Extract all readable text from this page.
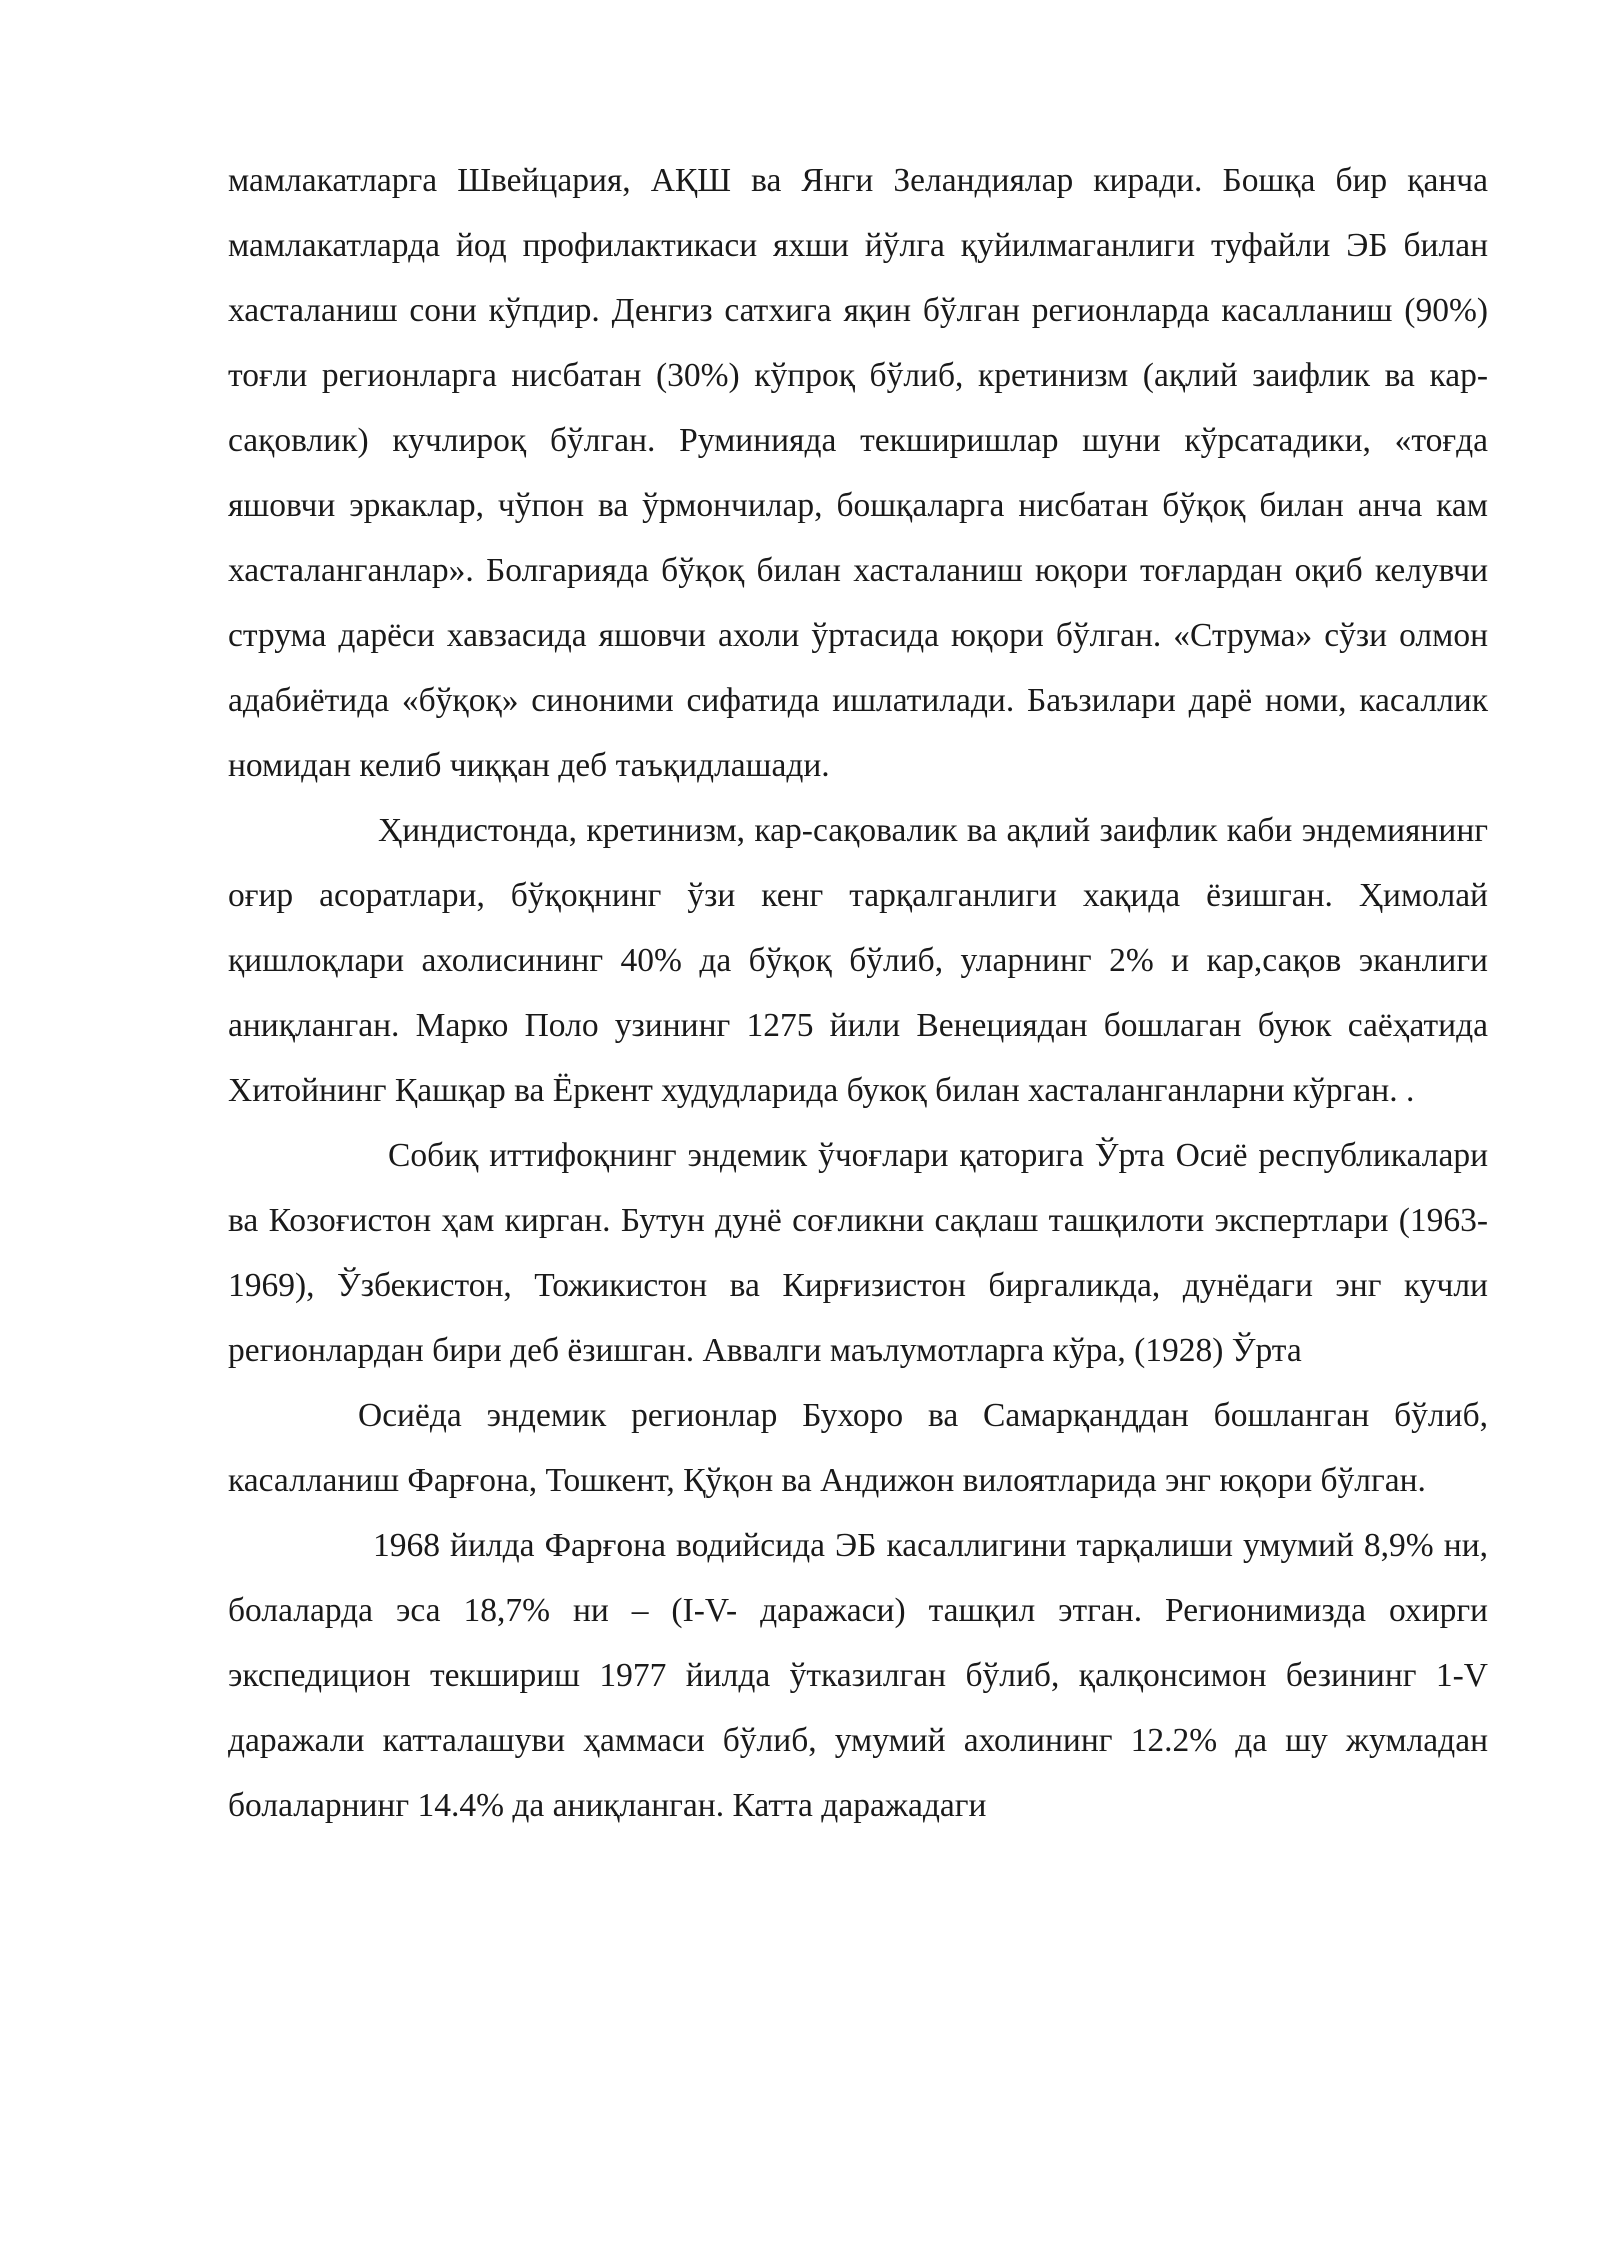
мамлакатларга Швейцария, АҚШ ва Янги Зеландиялар киради. Бошқа бир қанча мамлакатларда йод профилактикаси яхши йўлга қуйилмаганлиги туфайли ЭБ билан хасталаниш сони кўпдир. Денгиз сатхига яқин бўлган регионларда касалланиш (90%) тоғли регионларга нисбатан (30%) кўпроқ бўлиб, кретинизм (ақлий заифлик ва кар-сақовлик) кучлироқ бўлган. Руминияда текширишлар шуни кўрсатадики, «тоғда яшовчи эркаклар, чўпон ва ўрмончилар, бошқаларга нисбатан бўқоқ билан анча кам хасталанганлар». Болгарияда бўқоқ билан хасталаниш юқори тоғлардан оқиб келувчи струма дарёси хавзасида яшовчи ахоли ўртасида юқори бўлган. «Струма» сўзи олмон адабиётида «бўқоқ» синоними сифатида ишлатилади. Баъзилари дарё номи, касаллик номидан келиб чиққан деб таъқидлашади.

Ҳиндистонда, кретинизм, кар-сақовалик ва ақлий заифлик каби эндемиянинг оғир асоратлари, бўқоқнинг ўзи кенг тарқалганлиги хақида ёзишган. Ҳимолай қишлоқлари ахолисининг 40% да бўқоқ бўлиб, уларнинг 2% и кар,сақов эканлиги аниқланган. Марко Поло узининг 1275 йили Венециядан бошлаган буюк саёҳатида Хитойнинг Қашқар ва Ёркент худудларида букоқ билан хасталанганларни кўрган. .

Собиқ иттифоқнинг эндемик ўчоғлари қаторига Ўрта Осиё республикалари ва Козоғистон ҳам кирган. Бутун дунё соғликни сақлаш ташқилоти экспертлари (1963-1969), Ўзбекистон, Тожикистон ва Кирғизистон биргаликда, дунёдаги энг кучли регионлардан бири деб ёзишган. Аввалги маълумотларга кўра, (1928) Ўрта

Осиёда эндемик регионлар Бухоро ва Самарқанддан бошланган бўлиб, касалланиш Фарғона, Тошкент, Қўқон ва Андижон вилоятларида энг юқори бўлган.

1968 йилда Фарғона водийсида ЭБ касаллигини тарқалиши умумий 8,9% ни, болаларда эса 18,7% ни – (I-V- даражаси) ташқил этган. Регионимизда охирги экспедицион текшириш 1977 йилда ўтказилган бўлиб, қалқонсимон безининг 1-V даражали катталашуви ҳаммаси бўлиб, умумий ахолининг 12.2% да шу жумладан болаларнинг 14.4% да аниқланган. Катта даражадаги
